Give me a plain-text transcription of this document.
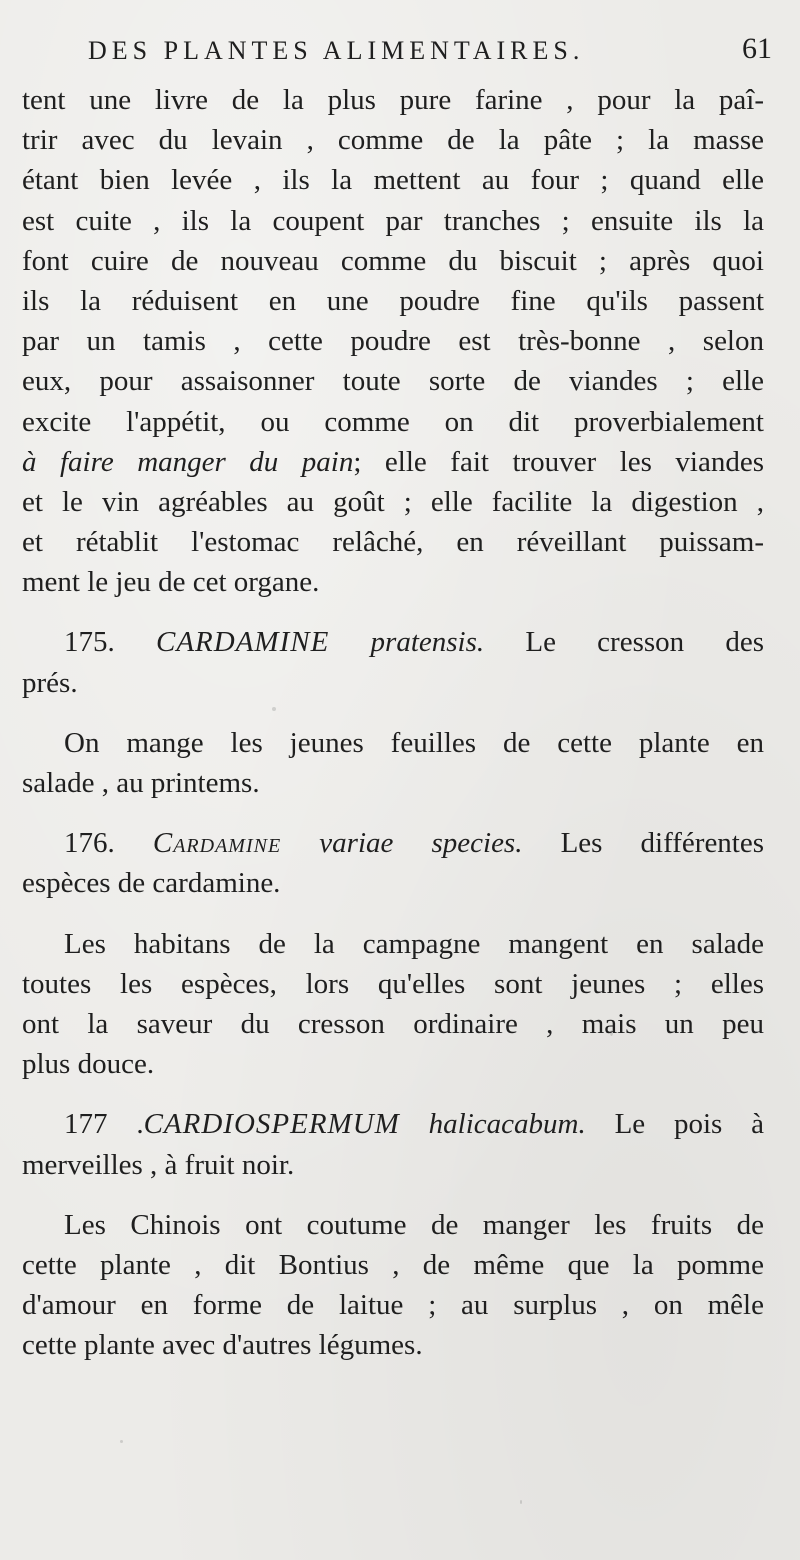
DES PLANTES ALIMENTAIRES.	61
tent une livre de la plus pure farine , pour la paî-
trir avec du levain , comme de la pâte ; la masse
étant bien levée , ils la mettent au four ; quand elle
est cuite , ils la coupent par tranches ; ensuite ils la
font cuire de nouveau comme du biscuit ; après quoi
ils la réduisent en une poudre fine qu'ils passent
par un tamis , cette poudre est très-bonne , selon
eux, pour assaisonner toute sorte de viandes ; elle
excite l'appétit, ou comme on dit proverbialement
à faire manger du pain; elle fait trouver les viandes
et le vin agréables au goût ; elle facilite la digestion ,
et rétablit l'estomac relâché, en réveillant puissam-
ment le jeu de cet organe.
175. CARDAMINE pratensis. Le cresson des
prés.
On mange les jeunes feuilles de cette plante en
salade , au printems.
176. Cardamine variae species. Les différentes
espèces de cardamine.
Les habitans de la campagne mangent en salade
toutes les espèces, lors qu'elles sont jeunes ; elles
ont la saveur du cresson ordinaire , mais un peu
plus douce.
177 .CARDIOSPERMUM halicacabum. Le pois à
merveilles , à fruit noir.
Les Chinois ont coutume de manger les fruits de
cette plante , dit Bontius , de même que la pomme
d'amour en forme de laitue ; au surplus , on mêle
cette plante avec d'autres légumes.
